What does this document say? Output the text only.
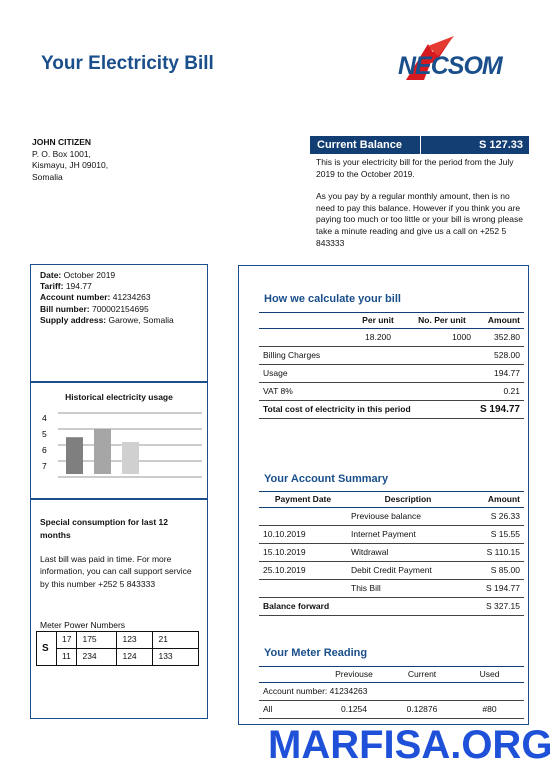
Your Electricity Bill	NECSOM
JOHN CITIZEN
P. O. Box 1001,
Kismayu, JH 09010,
Somalia
Current Balance	S 127.33

This is your electricity bill for the period from the July 2019 to the October 2019.

As you pay by a regular monthly amount, then is no need to pay this balance. However if you think you are paying too much or too little or your bill is wrong please take a minute reading and give us a call on +252 5 843333

Date: October 2019
Tariff: 194.77
Account number: 41234263
Bill number: 700002154695
Supply address: Garowe, Somalia
Historical electricity usage
4
5
6
7
Special consumption for last 12 months
Last bill was paid in time. For more information, you can call support service by this number +252 5 843333
Meter Power Numbers
S	17	175	123	21
	11	234	124	133
How we calculate your bill
	Per unit	No. Per unit	Amount
	18.200	1000	352.80
Billing Charges			528.00
Usage			194.77
VAT 8%			0.21
Total cost of electricity in this period			S 194.77
Your Account Summary
Payment Date	Description	Amount
	Previouse balance	S 26.33
10.10.2019	Internet Payment	S 15.55
15.10.2019	Witdrawal	S 110.15
25.10.2019	Debit Credit Payment	S 85.00
	This Bill	S 194.77
Balance forward		S 327.15
Your Meter Reading
	Previouse	Current	Used
Account number: 41234263			
All	0.1254	0.12876	#80
MARFISA.ORG
